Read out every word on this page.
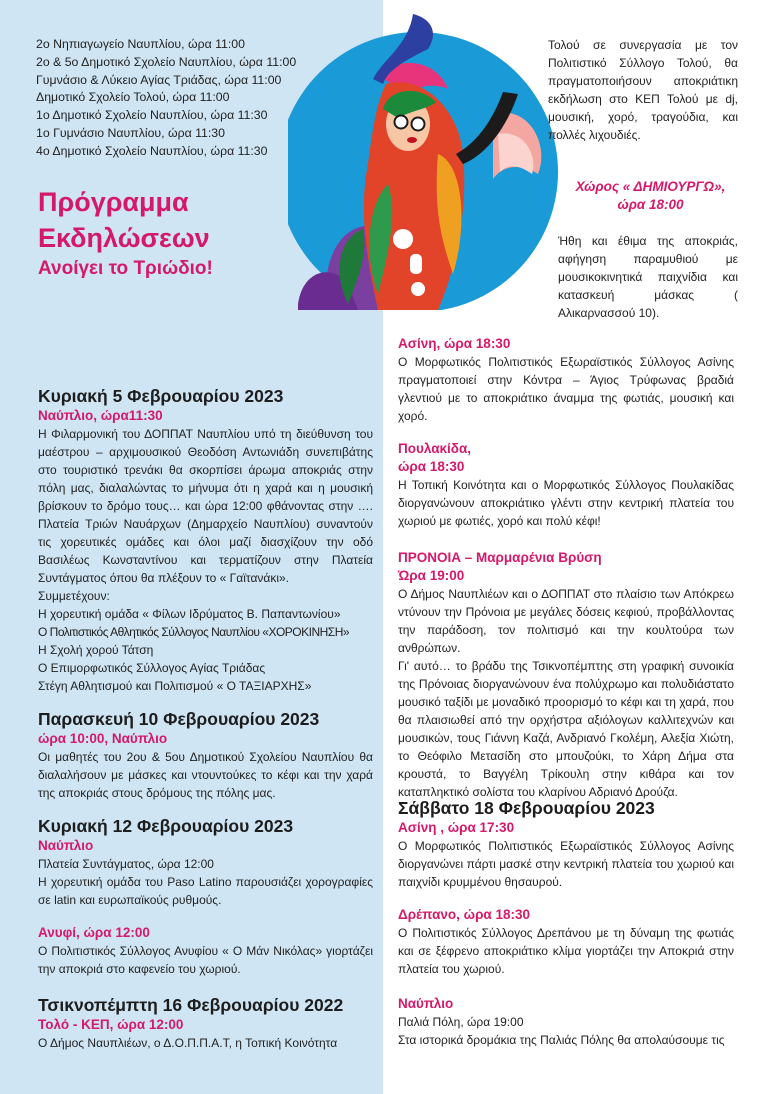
2ο Νηπιαγωγείο Ναυπλίου, ώρα 11:00
2ο & 5ο Δημοτικό Σχολείο Ναυπλίου, ώρα 11:00
Γυμνάσιο & Λύκειο Αγίας Τριάδας, ώρα 11:00
Δημοτικό Σχολείο Τολού, ώρα 11:00
1ο Δημοτικό Σχολείο Ναυπλίου, ώρα 11:30
1ο Γυμνάσιο Ναυπλίου, ώρα 11:30
4ο Δημοτικό Σχολείο Ναυπλίου, ώρα 11:30
Πρόγραμμα
Εκδηλώσεων
Ανοίγει το Τριώδιο!
Κυριακή 5 Φεβρουαρίου 2023
Ναύπλιο, ώρα11:30
Η Φιλαρμονική του ΔΟΠΠΑΤ Ναυπλίου υπό τη διεύθυνση του μαέστρου – αρχιμουσικού Θεοδόση Αντωνιάδη συνεπιβάτης στο τουριστικό τρενάκι θα σκορπίσει άρωμα αποκριάς στην πόλη μας, διαλαλώντας το μήνυμα ότι η χαρά και η μουσική βρίσκουν το δρόμο τους… και ώρα 12:00 φθάνοντας στην …. Πλατεία Τριών Ναυάρχων (Δημαρχείο Ναυπλίου) συναντούν τις χορευτικές ομάδες και όλοι μαζί διασχίζουν την οδό Βασιλέως Κωνσταντίνου και τερματίζουν στην Πλατεία Συντάγματος όπου θα πλέξουν το « Γαϊτανάκι».
Συμμετέχουν:
Η χορευτική ομάδα « Φίλων Ιδρύματος Β. Παπαντωνίου»
Ο Πολιτιστικός Αθλητικός Σύλλογος Ναυπλίου «ΧΟΡΟΚΙΝΗΣΗ»
Η Σχολή χορού Τάτση
Ο Επιμορφωτικός Σύλλογος Αγίας Τριάδας
Στέγη Αθλητισμού και Πολιτισμού « Ο ΤΑΞΙΑΡΧΗΣ»
Παρασκευή 10 Φεβρουαρίου 2023
ώρα 10:00, Ναύπλιο
Οι μαθητές του 2ου & 5ου Δημοτικού Σχολείου Ναυπλίου θα διαλαλήσουν με μάσκες και ντουντούκες το κέφι και την χαρά της αποκριάς στους δρόμους της πόλης μας.
Κυριακή 12 Φεβρουαρίου 2023
Ναύπλιο
Πλατεία Συντάγματος, ώρα 12:00
Η χορευτική ομάδα του Paso Latino παρουσιάζει χορογραφίες σε latin και ευρωπαϊκούς ρυθμούς.
Ανυφί, ώρα 12:00
Ο Πολιτιστικός Σύλλογος Ανυφίου « Ο Μάν Νικόλας» γιορτάζει την αποκριά στο καφενείο του χωριού.
Τσικνοπέμπτη 16 Φεβρουαρίου 2022
Τολό - ΚΕΠ, ώρα 12:00
Ο Δήμος Ναυπλιέων, ο Δ.Ο.Π.Π.Α.Τ, η Τοπική Κοινότητα
Τολού σε συνεργασία με τον Πολιτιστικό Σύλλογο Τολού, θα πραγματοποιήσουν αποκριάτικη εκδήλωση στο ΚΕΠ Τολού με dj, μουσική, χορό, τραγούδια, και πολλές λιχουδιές.
Χώρος « ΔΗΜΙΟΥΡΓΩ», ώρα 18:00
Ήθη και έθιμα της αποκριάς, αφήγηση παραμυθιού με μουσικοκινητικά παιχνίδια και κατασκευή μάσκας ( Αλικαρνασσού 10).
Ασίνη, ώρα 18:30
Ο Μορφωτικός Πολιτιστικός Εξωραϊστικός Σύλλογος Ασίνης πραγματοποιεί στην Κόντρα – Άγιος Τρύφωνας βραδιά γλεντιού με το αποκριάτικο άναμμα της φωτιάς, μουσική και χορό.
Πουλακίδα,
ώρα 18:30
Η Τοπική Κοινότητα και ο Μορφωτικός Σύλλογος Πουλακίδας διοργανώνουν αποκριάτικο γλέντι στην κεντρική πλατεία του χωριού με φωτιές, χορό και πολύ κέφι!
ΠΡΟΝΟΙΑ – Μαρμαρένια Βρύση
Ώρα 19:00
Ο Δήμος Ναυπλιέων και ο ΔΟΠΠΑΤ στο πλαίσιο των Απόκρεω ντύνουν την Πρόνοια με μεγάλες δόσεις κεφιού, προβάλλοντας την παράδοση, τον πολιτισμό και την κουλτούρα των ανθρώπων.
Γι' αυτό… το βράδυ της Τσικνοπέμπτης στη γραφική συνοικία της Πρόνοιας διοργανώνουν ένα πολύχρωμο και πολυδιάστατο μουσικό ταξίδι με μοναδικό προορισμό το κέφι και τη χαρά, που θα πλαισιωθεί από την ορχήστρα αξιόλογων καλλιτεχνών και μουσικών, τους Γιάννη Καζά, Ανδριανό Γκολέμη, Αλεξία Χιώτη, το Θεόφιλο Μετασίδη στο μπουζούκι, το Χάρη Δήμα στα κρουστά, το Βαγγέλη Τρίκουλη στην κιθάρα και τον καταπληκτικό σολίστα του κλαρίνου Αδριανό Δρούζα.
Σάββατο 18 Φεβρουαρίου 2023
Ασίνη , ώρα 17:30
Ο Μορφωτικός Πολιτιστικός Εξωραϊστικός Σύλλογος Ασίνης διοργανώνει πάρτι μασκέ στην κεντρική πλατεία του χωριού και παιχνίδι κρυμμένου θησαυρού.
Δρέπανο, ώρα 18:30
Ο Πολιτιστικός Σύλλογος Δρεπάνου με τη δύναμη της φωτιάς και σε ξέφρενο αποκριάτικο κλίμα γιορτάζει την Αποκριά στην πλατεία του χωριού.
Ναύπλιο
Παλιά Πόλη, ώρα 19:00
Στα ιστορικά δρομάκια της Παλιάς Πόλης θα απολαύσουμε τις
